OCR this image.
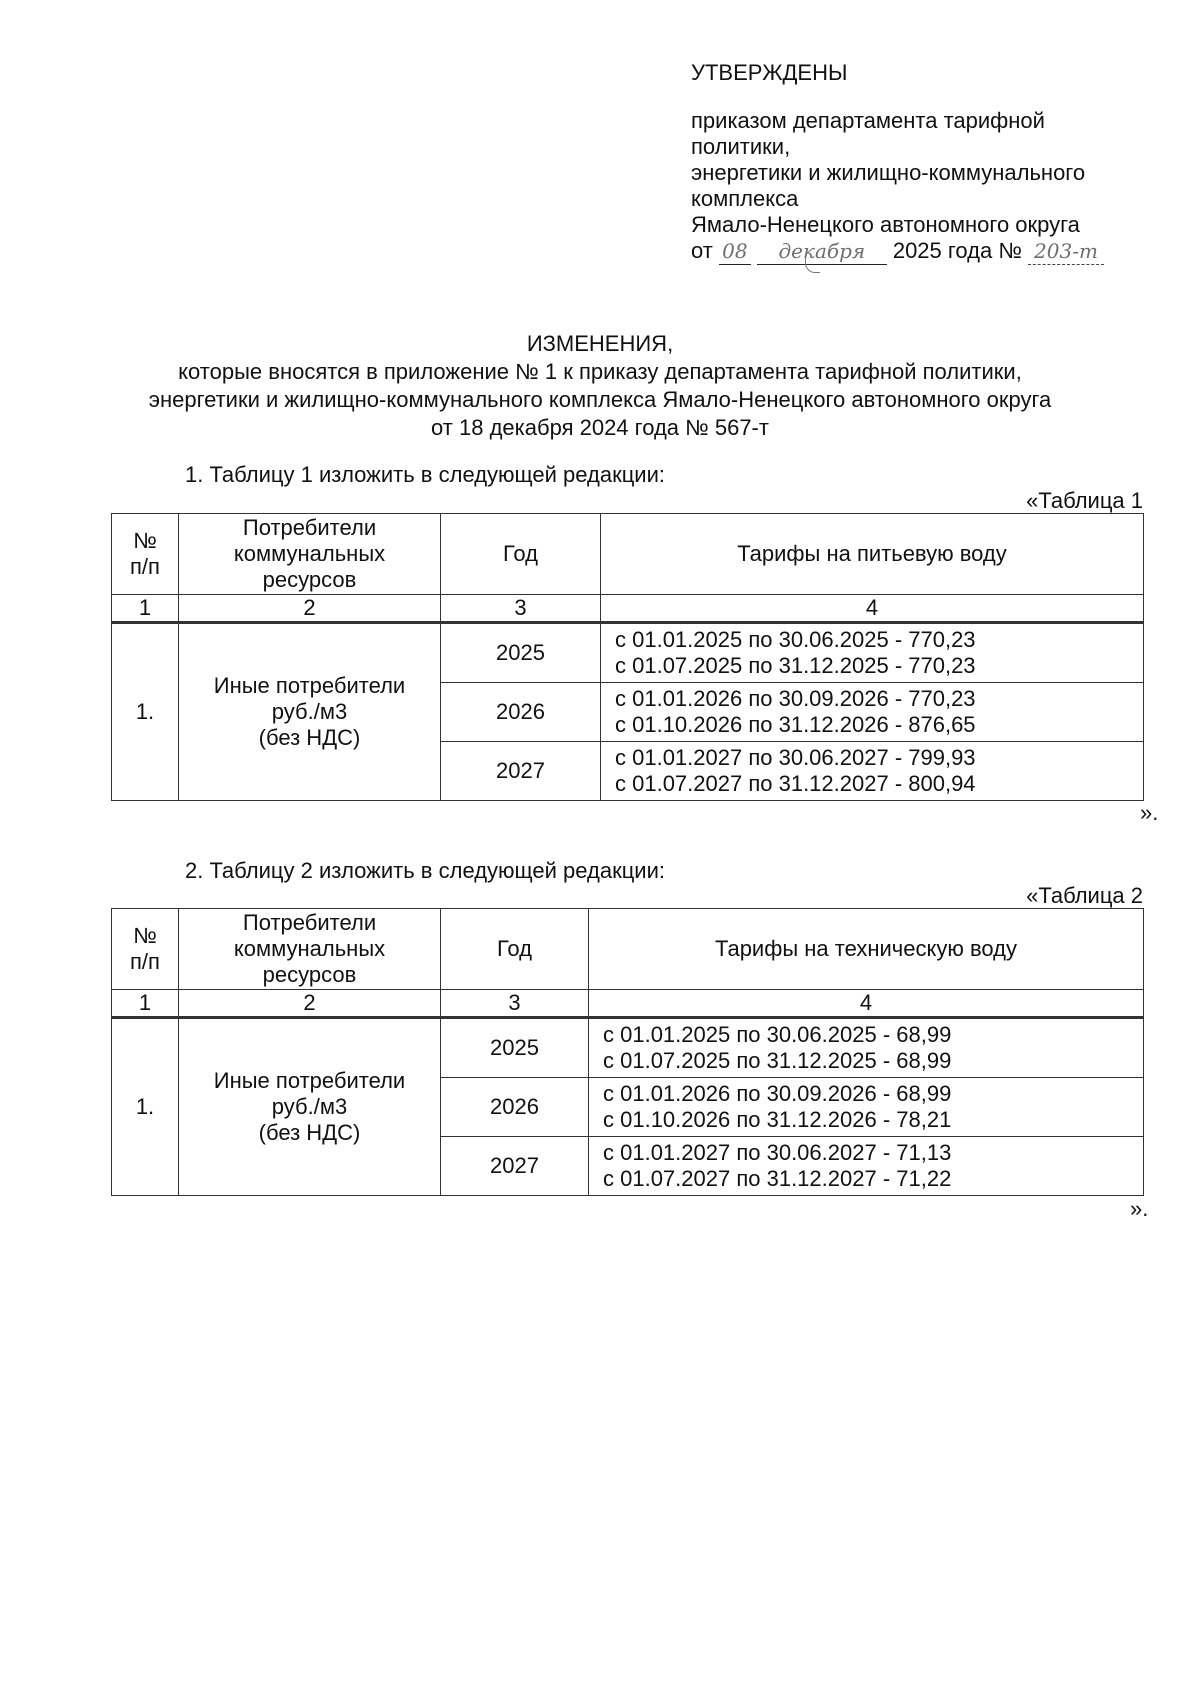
УТВЕРЖДЕНЫ

приказом департамента тарифной

политики,

энергетики и жилищно-коммунального

комплекса

Ямало-Ненецкого автономного округа

от 08 декабря 2025 года № 203-т

ИЗМЕНЕНИЯ,

которые вносятся в приложение № 1 к приказу департамента тарифной политики,

энергетики и жилищно-коммунального комплекса Ямало-Ненецкого автономного округа

от 18 декабря 2024 года № 567-т

1. Таблицу 1 изложить в следующей редакции:

«Таблица 1

№
п/п	Потребители
коммунальных
ресурсов	Год	Тарифы на питьевую воду
1	2	3	4
1.	Иные потребители
руб./м3
(без НДС)	2025	с 01.01.2025 по 30.06.2025 - 770,23
с 01.07.2025 по 31.12.2025 - 770,23

		2026	с 01.01.2026 по 30.09.2026 - 770,23
с 01.10.2026 по 31.12.2026 - 876,65

		2027	с 01.01.2027 по 30.06.2027 - 799,93
с 01.07.2027 по 31.12.2027 - 800,94

».

2. Таблицу 2 изложить в следующей редакции:

«Таблица 2

№
п/п	Потребители
коммунальных
ресурсов	Год	Тарифы на техническую воду
1	2	3	4
1.	Иные потребители
руб./м3
(без НДС)	2025	с 01.01.2025 по 30.06.2025 - 68,99
с 01.07.2025 по 31.12.2025 - 68,99

		2026	с 01.01.2026 по 30.09.2026 - 68,99
с 01.10.2026 по 31.12.2026 - 78,21

		2027	с 01.01.2027 по 30.06.2027 - 71,13
с 01.07.2027 по 31.12.2027 - 71,22

».
